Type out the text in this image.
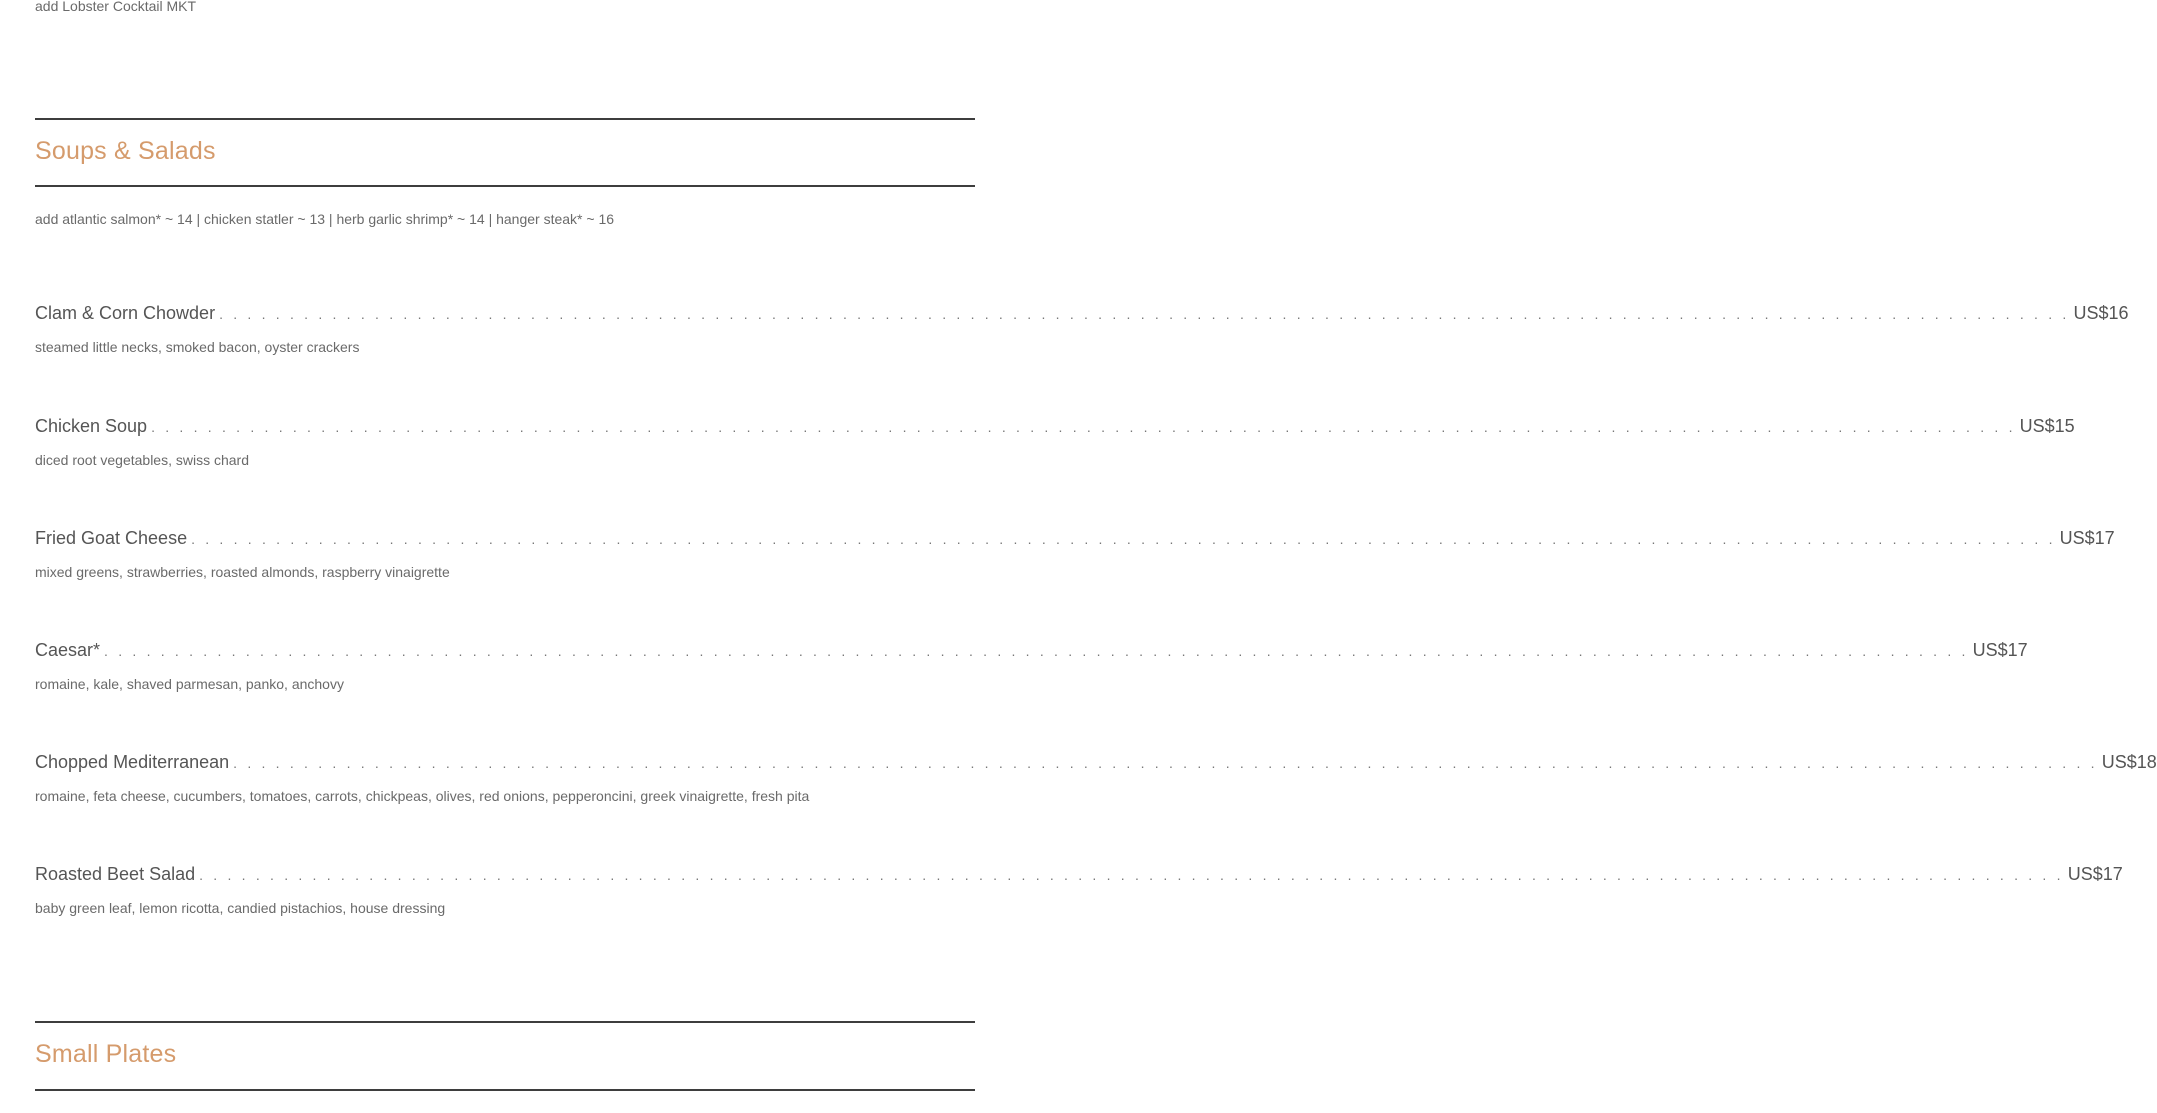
add Lobster Cocktail MKT
Soups & Salads
add atlantic salmon* ~ 14 | chicken statler ~ 13 | herb garlic shrimp* ~ 14 | hanger steak* ~ 16
Clam & Corn Chowder . . . . . . . . . . . . . . . . . . . . . . . . . . . . . . . . . . . . . . . . . . . . . . . . . . . . . . . . . . . . . . . . . . . . . . . . . . . . . . . . . . . . . . . . . . . . . . . . . . . . . . . . . . . . . . . . . . . . . . . . . . . . . . . . . . . US$16
steamed little necks, smoked bacon, oyster crackers
Chicken Soup . . . . . . . . . . . . . . . . . . . . . . . . . . . . . . . . . . . . . . . . . . . . . . . . . . . . . . . . . . . . . . . . . . . . . . . . . . . . . . . . . . . . . . . . . . . . . . . . . . . . . . . . . . . . . . . . . . . . . . . . . . . . . . . . . . . . US$15
diced root vegetables, swiss chard
Fried Goat Cheese . . . . . . . . . . . . . . . . . . . . . . . . . . . . . . . . . . . . . . . . . . . . . . . . . . . . . . . . . . . . . . . . . . . . . . . . . . . . . . . . . . . . . . . . . . . . . . . . . . . . . . . . . . . . . . . . . . . . . . . . . . . . . . . . . . . . US$17
mixed greens, strawberries, roasted almonds, raspberry vinaigrette
Caesar* . . . . . . . . . . . . . . . . . . . . . . . . . . . . . . . . . . . . . . . . . . . . . . . . . . . . . . . . . . . . . . . . . . . . . . . . . . . . . . . . . . . . . . . . . . . . . . . . . . . . . . . . . . . . . . . . . . . . . . . . . . . . . . . . . . . . US$17
romaine, kale, shaved parmesan, panko, anchovy
Chopped Mediterranean . . . . . . . . . . . . . . . . . . . . . . . . . . . . . . . . . . . . . . . . . . . . . . . . . . . . . . . . . . . . . . . . . . . . . . . . . . . . . . . . . . . . . . . . . . . . . . . . . . . . . . . . . . . . . . . . . . . . . . . . . . . . . . . . . . . . US$18
romaine, feta cheese, cucumbers, tomatoes, carrots, chickpeas, olives, red onions, pepperoncini, greek vinaigrette, fresh pita
Roasted Beet Salad . . . . . . . . . . . . . . . . . . . . . . . . . . . . . . . . . . . . . . . . . . . . . . . . . . . . . . . . . . . . . . . . . . . . . . . . . . . . . . . . . . . . . . . . . . . . . . . . . . . . . . . . . . . . . . . . . . . . . . . . . . . . . . . . . . . . US$17
baby green leaf, lemon ricotta, candied pistachios, house dressing
Small Plates
